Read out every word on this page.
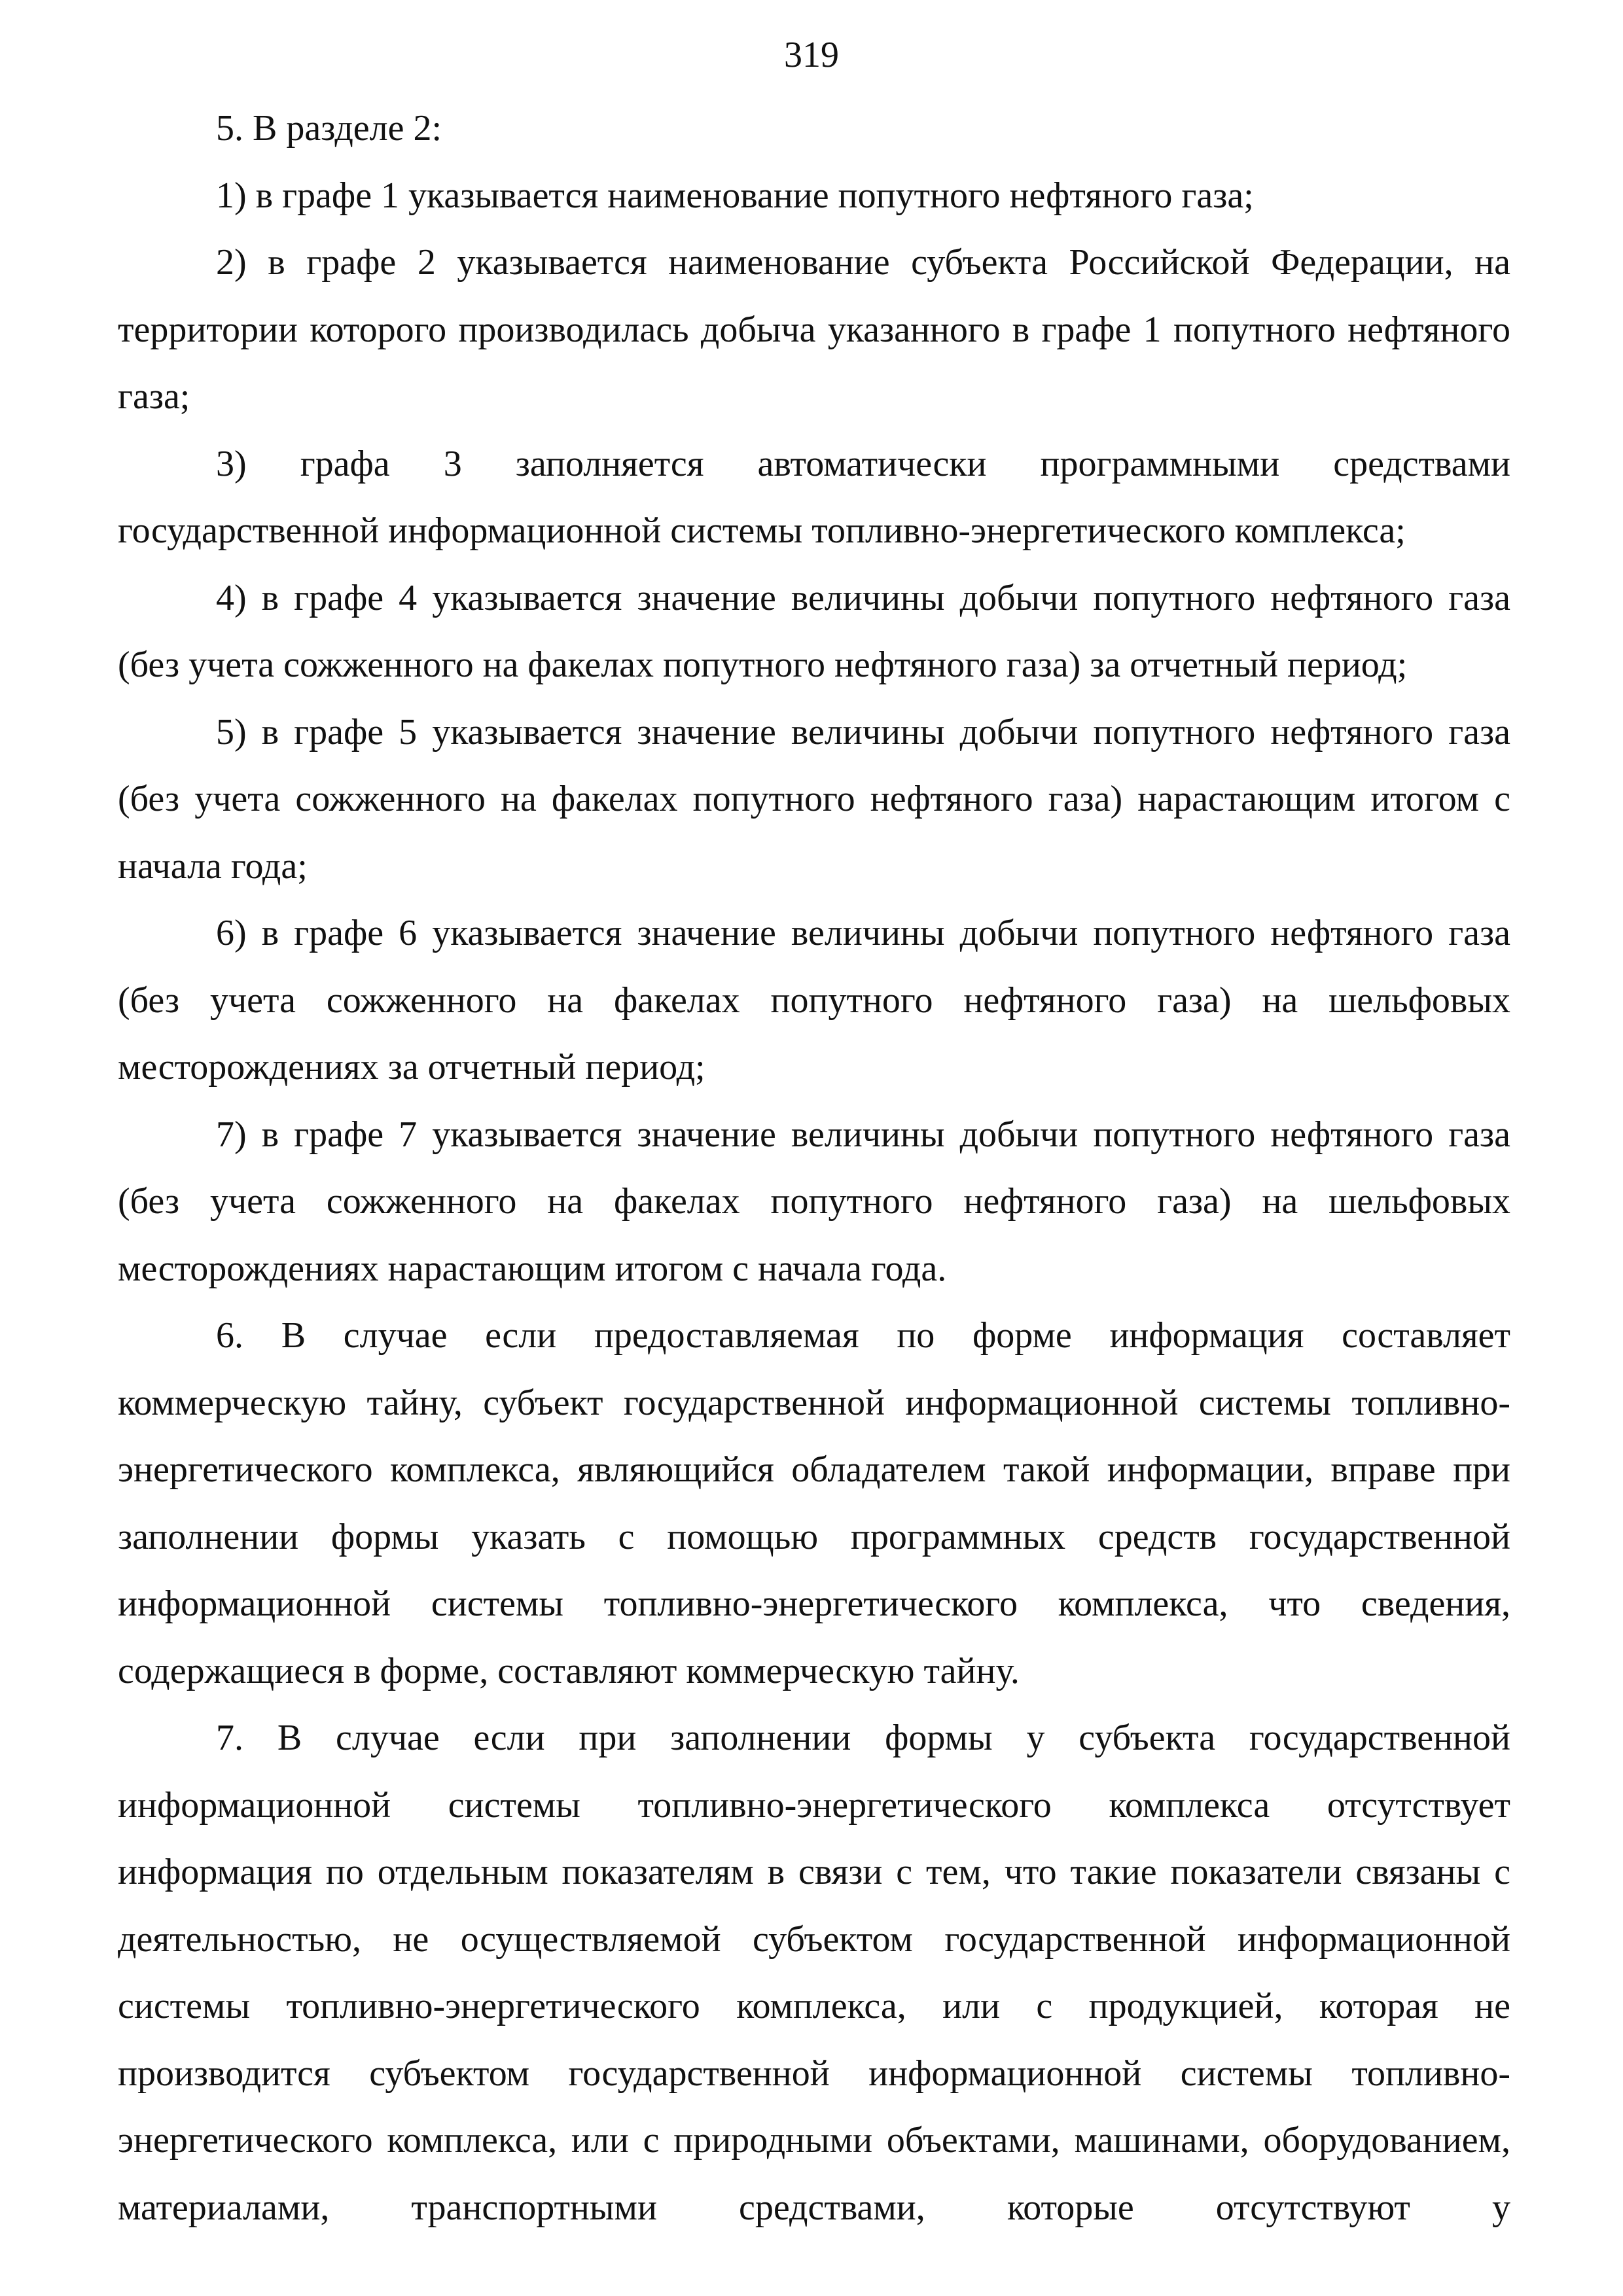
319

5. В разделе 2:

1) в графе 1 указывается наименование попутного нефтяного газа;

2) в графе 2 указывается наименование субъекта Российской Федерации, на территории которого производилась добыча указанного в графе 1 попутного нефтяного газа;

3) графа 3 заполняется автоматически программными средствами государственной информационной системы топливно-энергетического комплекса;

4) в графе 4 указывается значение величины добычи попутного нефтяного газа (без учета сожженного на факелах попутного нефтяного газа) за отчетный период;

5) в графе 5 указывается значение величины добычи попутного нефтяного газа (без учета сожженного на факелах попутного нефтяного газа) нарастающим итогом с начала года;

6) в графе 6 указывается значение величины добычи попутного нефтяного газа (без учета сожженного на факелах попутного нефтяного газа) на шельфовых месторождениях за отчетный период;

7) в графе 7 указывается значение величины добычи попутного нефтяного газа (без учета сожженного на факелах попутного нефтяного газа) на шельфовых месторождениях нарастающим итогом с начала года.

6. В случае если предоставляемая по форме информация составляет коммерческую тайну, субъект государственной информационной системы топливно-энергетического комплекса, являющийся обладателем такой информации, вправе при заполнении формы указать с помощью программных средств государственной информационной системы топливно-энергетического комплекса, что сведения, содержащиеся в форме, составляют коммерческую тайну.

7. В случае если при заполнении формы у субъекта государственной информационной системы топливно-энергетического комплекса отсутствует информация по отдельным показателям в связи с тем, что такие показатели связаны с деятельностью, не осуществляемой субъектом государственной информационной системы топливно-энергетического комплекса, или с продукцией, которая не производится субъектом государственной информационной системы топливно-энергетического комплекса, или с природными объектами, машинами, оборудованием, материалами, транспортными средствами, которые отсутствуют у
